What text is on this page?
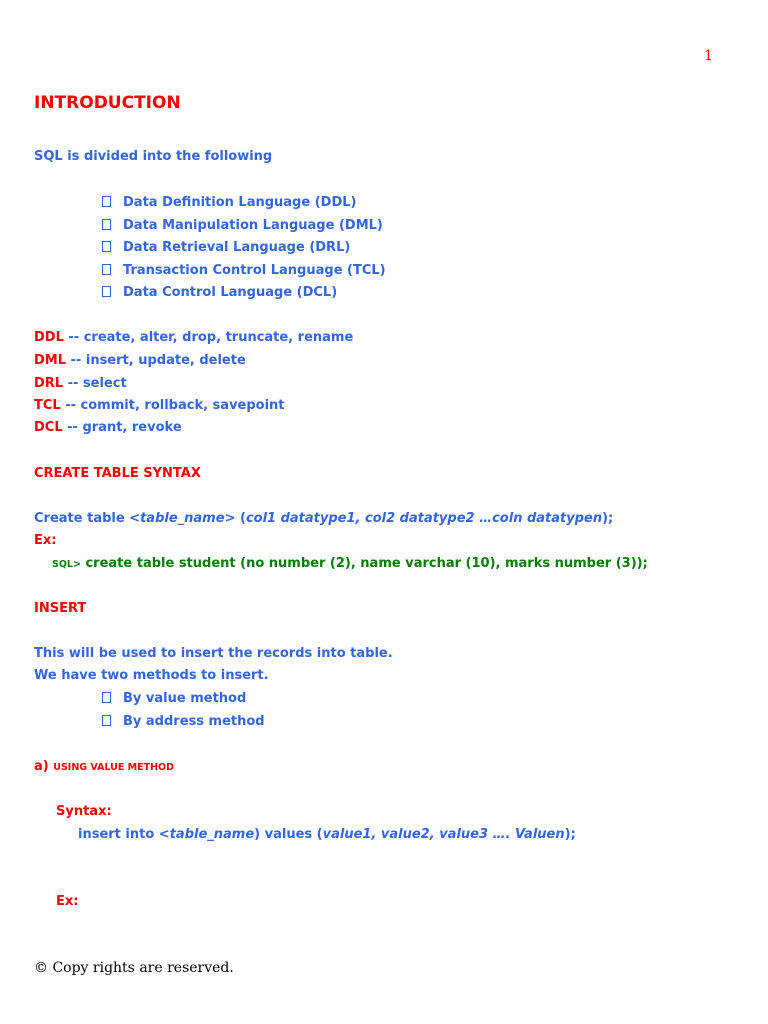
1
INTRODUCTION
SQL is divided into the following
Data Definition Language (DDL)
Data Manipulation Language (DML)
Data Retrieval Language (DRL)
Transaction Control Language (TCL)
Data Control Language (DCL)
DDL -- create, alter, drop, truncate, rename
DML -- insert, update, delete
DRL -- select
TCL -- commit, rollback, savepoint
DCL -- grant, revoke
CREATE TABLE SYNTAX
Create table <table_name> (col1 datatype1, col2 datatype2 …coln datatypen);
Ex:
SQL> create table student (no number (2), name varchar (10), marks number (3));
INSERT
This will be used to insert the records into table.
We have two methods to insert.
By value method
By address method
a) USING VALUE METHOD
Syntax:
insert into <table_name) values (value1, value2, value3 …. Valuen);
Ex:
© Copy rights are reserved.
